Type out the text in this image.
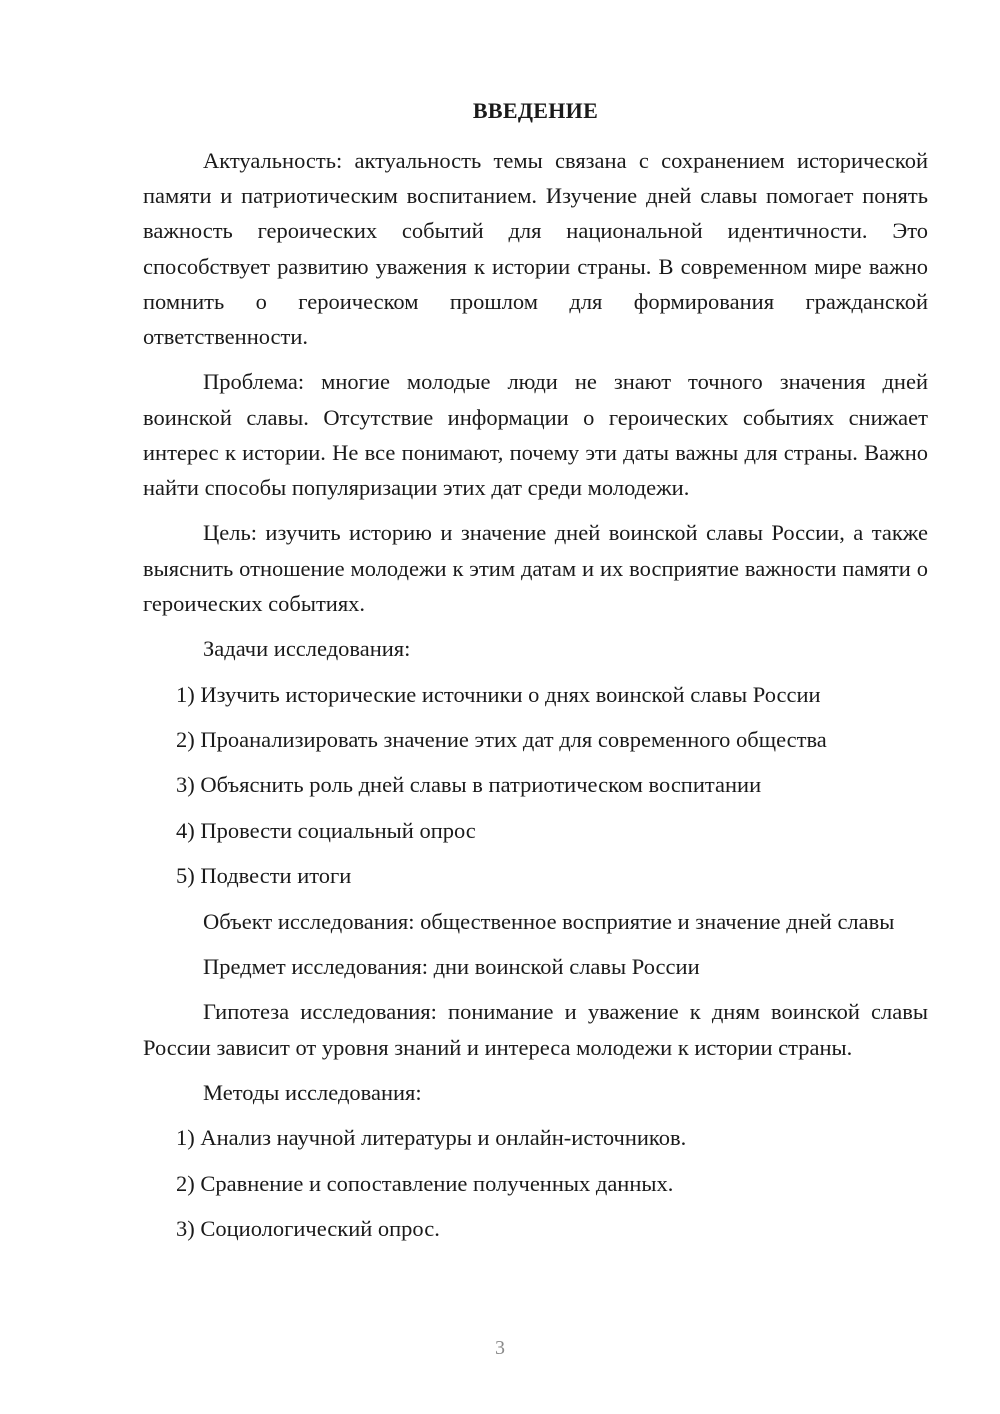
ВВЕДЕНИЕ

Актуальность: актуальность темы связана с сохранением исторической памяти и патриотическим воспитанием. Изучение дней славы помогает понять важность героических событий для национальной идентичности. Это способствует развитию уважения к истории страны. В современном мире важно помнить о героическом прошлом для формирования гражданской ответственности.

Проблема: многие молодые люди не знают точного значения дней воинской славы. Отсутствие информации о героических событиях снижает интерес к истории. Не все понимают, почему эти даты важны для страны. Важно найти способы популяризации этих дат среди молодежи.

Цель: изучить историю и значение дней воинской славы России, а также выяснить отношение молодежи к этим датам и их восприятие важности памяти о героических событиях.

Задачи исследования:

1) Изучить исторические источники о днях воинской славы России

2) Проанализировать значение этих дат для современного общества

3) Объяснить роль дней славы в патриотическом воспитании

4) Провести социальный опрос

5) Подвести итоги

Объект исследования: общественное восприятие и значение дней славы

Предмет исследования: дни воинской славы России

Гипотеза исследования: понимание и уважение к дням воинской славы России зависит от уровня знаний и интереса молодежи к истории страны.

Методы исследования:

1) Анализ научной литературы и онлайн-источников.

2) Сравнение и сопоставление полученных данных.

3) Социологический опрос.

3
